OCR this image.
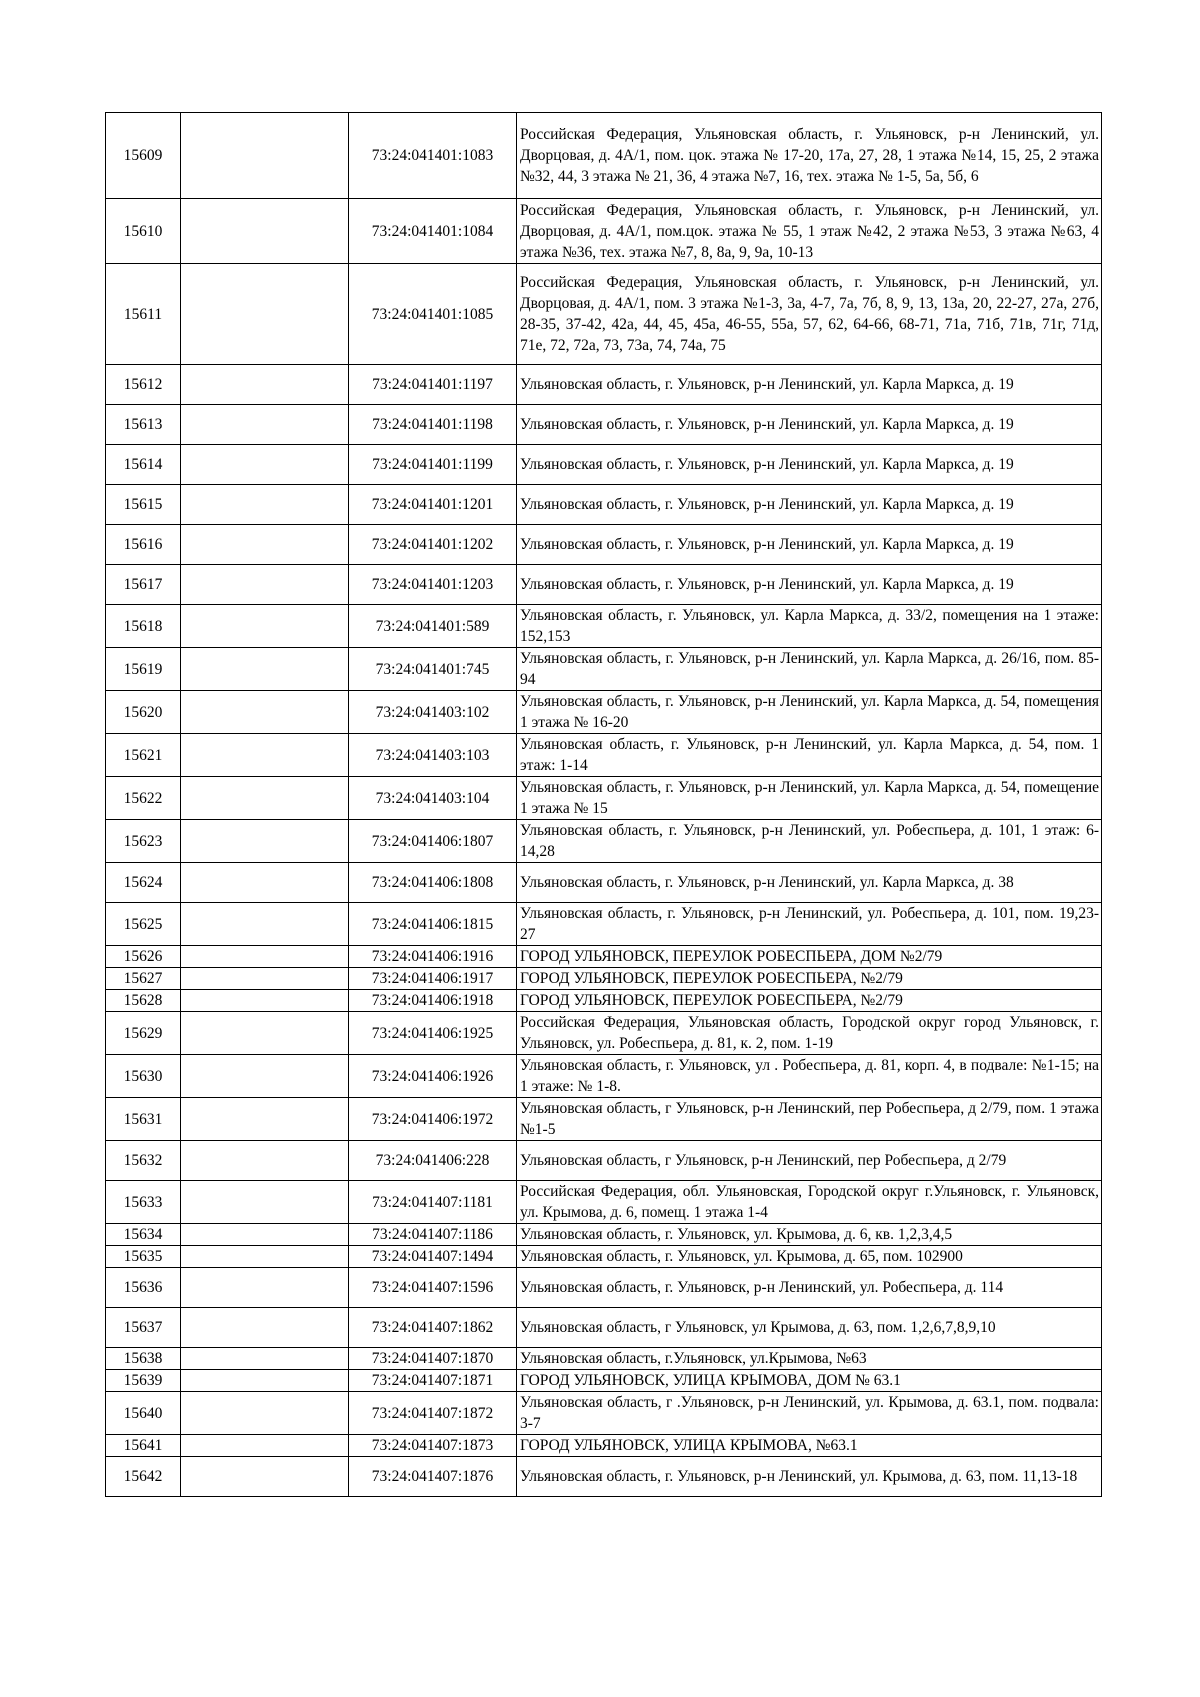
15609		73:24:041401:1083	Российская Федерация, Ульяновская область, г. Ульяновск, р-н Ленинский, ул. Дворцовая, д. 4А/1, пом. цок. этажа № 17-20, 17а, 27, 28, 1 этажа №14, 15, 25, 2 этажа №32, 44, 3 этажа № 21, 36, 4 этажа №7, 16, тех. этажа № 1-5, 5а, 5б, 6
15610		73:24:041401:1084	Российская Федерация, Ульяновская область, г. Ульяновск, р-н Ленинский, ул. Дворцовая, д. 4А/1, пом.цок. этажа № 55, 1 этаж №42, 2 этажа №53, 3 этажа №63, 4 этажа №36, тех. этажа №7, 8, 8а, 9, 9а, 10-13
15611		73:24:041401:1085	Российская Федерация, Ульяновская область, г. Ульяновск, р-н Ленинский, ул. Дворцовая, д. 4А/1, пом. 3 этажа №1-3, 3а, 4-7, 7а, 7б, 8, 9, 13, 13а, 20, 22-27, 27а, 27б, 28-35, 37-42, 42а, 44, 45, 45а, 46-55, 55а, 57, 62, 64-66, 68-71, 71а, 71б, 71в, 71г, 71д, 71е, 72, 72а, 73, 73а, 74, 74а, 75
15612		73:24:041401:1197	Ульяновская область, г. Ульяновск, р-н Ленинский, ул. Карла Маркса, д. 19
15613		73:24:041401:1198	Ульяновская область, г. Ульяновск, р-н Ленинский, ул. Карла Маркса, д. 19
15614		73:24:041401:1199	Ульяновская область, г. Ульяновск, р-н Ленинский, ул. Карла Маркса, д. 19
15615		73:24:041401:1201	Ульяновская область, г. Ульяновск, р-н Ленинский, ул. Карла Маркса, д. 19
15616		73:24:041401:1202	Ульяновская область, г. Ульяновск, р-н Ленинский, ул. Карла Маркса, д. 19
15617		73:24:041401:1203	Ульяновская область, г. Ульяновск, р-н Ленинский, ул. Карла Маркса, д. 19
15618		73:24:041401:589	Ульяновская область, г. Ульяновск, ул. Карла Маркса, д. 33/2, помещения на 1 этаже: 152,153
15619		73:24:041401:745	Ульяновская область, г. Ульяновск, р-н Ленинский, ул. Карла Маркса, д. 26/16, пом. 85-94
15620		73:24:041403:102	Ульяновская область, г. Ульяновск, р-н Ленинский, ул. Карла Маркса, д. 54, помещения 1 этажа № 16-20
15621		73:24:041403:103	Ульяновская область, г. Ульяновск, р-н Ленинский, ул. Карла Маркса, д. 54, пом. 1 этаж: 1-14
15622		73:24:041403:104	Ульяновская область, г. Ульяновск, р-н Ленинский, ул. Карла Маркса, д. 54, помещение 1 этажа № 15
15623		73:24:041406:1807	Ульяновская область, г. Ульяновск, р-н Ленинский, ул. Робеспьера, д. 101, 1 этаж: 6-14,28
15624		73:24:041406:1808	Ульяновская область, г. Ульяновск, р-н Ленинский, ул. Карла Маркса, д. 38
15625		73:24:041406:1815	Ульяновская область, г. Ульяновск, р-н Ленинский, ул. Робеспьера, д. 101, пом. 19,23-27
15626		73:24:041406:1916	ГОРОД УЛЬЯНОВСК, ПЕРЕУЛОК РОБЕСПЬЕРА, ДОМ №2/79
15627		73:24:041406:1917	ГОРОД УЛЬЯНОВСК, ПЕРЕУЛОК РОБЕСПЬЕРА, №2/79
15628		73:24:041406:1918	ГОРОД УЛЬЯНОВСК, ПЕРЕУЛОК РОБЕСПЬЕРА, №2/79
15629		73:24:041406:1925	Российская Федерация, Ульяновская область, Городской округ город Ульяновск, г. Ульяновск, ул. Робеспьера, д. 81, к. 2, пом. 1-19
15630		73:24:041406:1926	Ульяновская область, г. Ульяновск, ул . Робеспьера, д. 81, корп. 4, в подвале: №1-15; на 1 этаже: № 1-8.
15631		73:24:041406:1972	Ульяновская область, г Ульяновск, р-н Ленинский, пер Робеспьера, д 2/79, пом. 1 этажа №1-5
15632		73:24:041406:228	Ульяновская область, г Ульяновск, р-н Ленинский, пер Робеспьера, д 2/79
15633		73:24:041407:1181	Российская Федерация, обл. Ульяновская, Городской округ г.Ульяновск, г. Ульяновск, ул. Крымова, д. 6, помещ. 1 этажа 1-4
15634		73:24:041407:1186	Ульяновская область, г. Ульяновск, ул. Крымова, д. 6, кв. 1,2,3,4,5
15635		73:24:041407:1494	Ульяновская область, г. Ульяновск, ул. Крымова, д. 65, пом. 102900
15636		73:24:041407:1596	Ульяновская область, г. Ульяновск, р-н Ленинский, ул. Робеспьера, д. 114
15637		73:24:041407:1862	Ульяновская область, г Ульяновск, ул Крымова, д. 63, пом. 1,2,6,7,8,9,10
15638		73:24:041407:1870	Ульяновская область, г.Ульяновск, ул.Крымова, №63
15639		73:24:041407:1871	ГОРОД УЛЬЯНОВСК, УЛИЦА КРЫМОВА, ДОМ № 63.1
15640		73:24:041407:1872	Ульяновская область, г .Ульяновск, р-н Ленинский, ул. Крымова, д. 63.1, пом. подвала: 3-7
15641		73:24:041407:1873	ГОРОД УЛЬЯНОВСК, УЛИЦА КРЫМОВА, №63.1
15642		73:24:041407:1876	Ульяновская область, г. Ульяновск, р-н Ленинский, ул. Крымова, д. 63, пом. 11,13-18
